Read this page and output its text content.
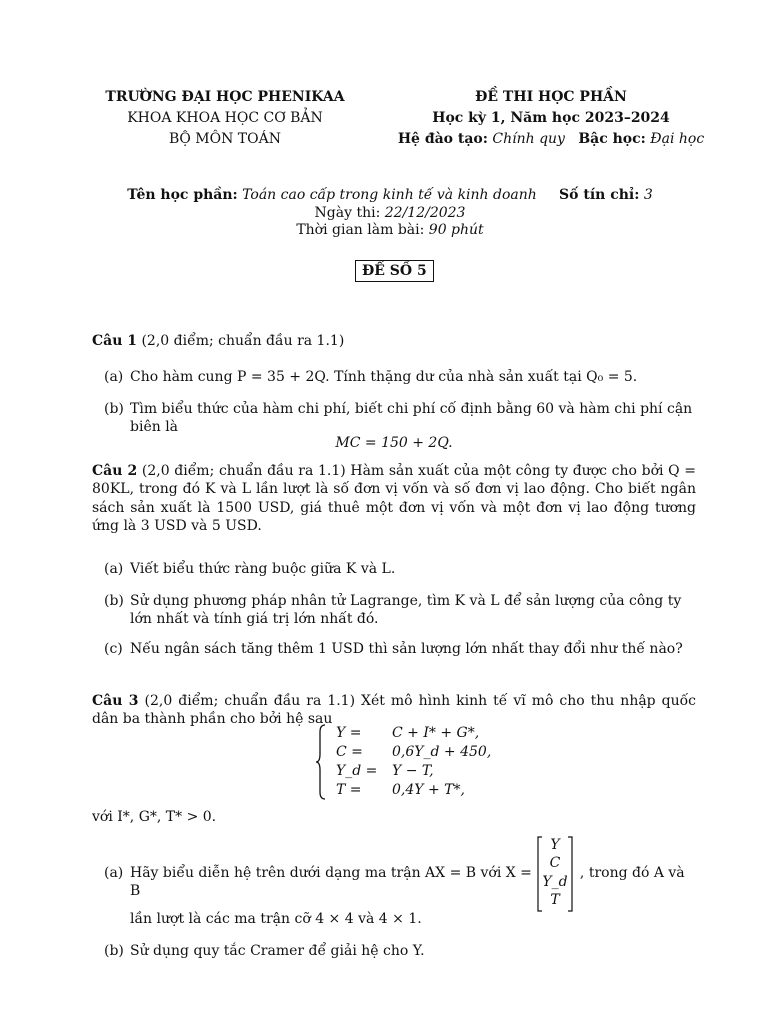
TRƯỜNG ĐẠI HỌC PHENIKAA
KHOA KHOA HỌC CƠ BẢN
BỘ MÔN TOÁN
ĐỀ THI HỌC PHẦN
Học kỳ 1, Năm học 2023–2024
Hệ đào tạo: Chính quy Bậc học: Đại học
Tên học phần: Toán cao cấp trong kinh tế và kinh doanh Số tín chỉ: 3
Ngày thi: 22/12/2023
Thời gian làm bài: 90 phút
ĐỀ SỐ 5
Câu 1 (2,0 điểm; chuẩn đầu ra 1.1)
(a) Cho hàm cung P = 35 + 2Q. Tính thặng dư của nhà sản xuất tại Q₀ = 5.
(b) Tìm biểu thức của hàm chi phí, biết chi phí cố định bằng 60 và hàm chi phí cận biên là
MC = 150 + 2Q.
Câu 2 (2,0 điểm; chuẩn đầu ra 1.1) Hàm sản xuất của một công ty được cho bởi Q = 80KL, trong đó K và L lần lượt là số đơn vị vốn và số đơn vị lao động. Cho biết ngân sách sản xuất là 1500 USD, giá thuê một đơn vị vốn và một đơn vị lao động tương ứng là 3 USD và 5 USD.
(a) Viết biểu thức ràng buộc giữa K và L.
(b) Sử dụng phương pháp nhân tử Lagrange, tìm K và L để sản lượng của công ty lớn nhất và tính giá trị lớn nhất đó.
(c) Nếu ngân sách tăng thêm 1 USD thì sản lượng lớn nhất thay đổi như thế nào?
Câu 3 (2,0 điểm; chuẩn đầu ra 1.1) Xét mô hình kinh tế vĩ mô cho thu nhập quốc dân ba thành phần cho bởi hệ sau
Y = C + I* + G*,
C = 0,6Y_d + 450,
Y_d = Y − T,
T = 0,4Y + T*,
với I*, G*, T* > 0.
(a) Hãy biểu diễn hệ trên dưới dạng ma trận AX = B với X =	, trong đó A và B
Y
C
Y_d
T
lần lượt là các ma trận cỡ 4 × 4 và 4 × 1.
(b) Sử dụng quy tắc Cramer để giải hệ cho Y.
